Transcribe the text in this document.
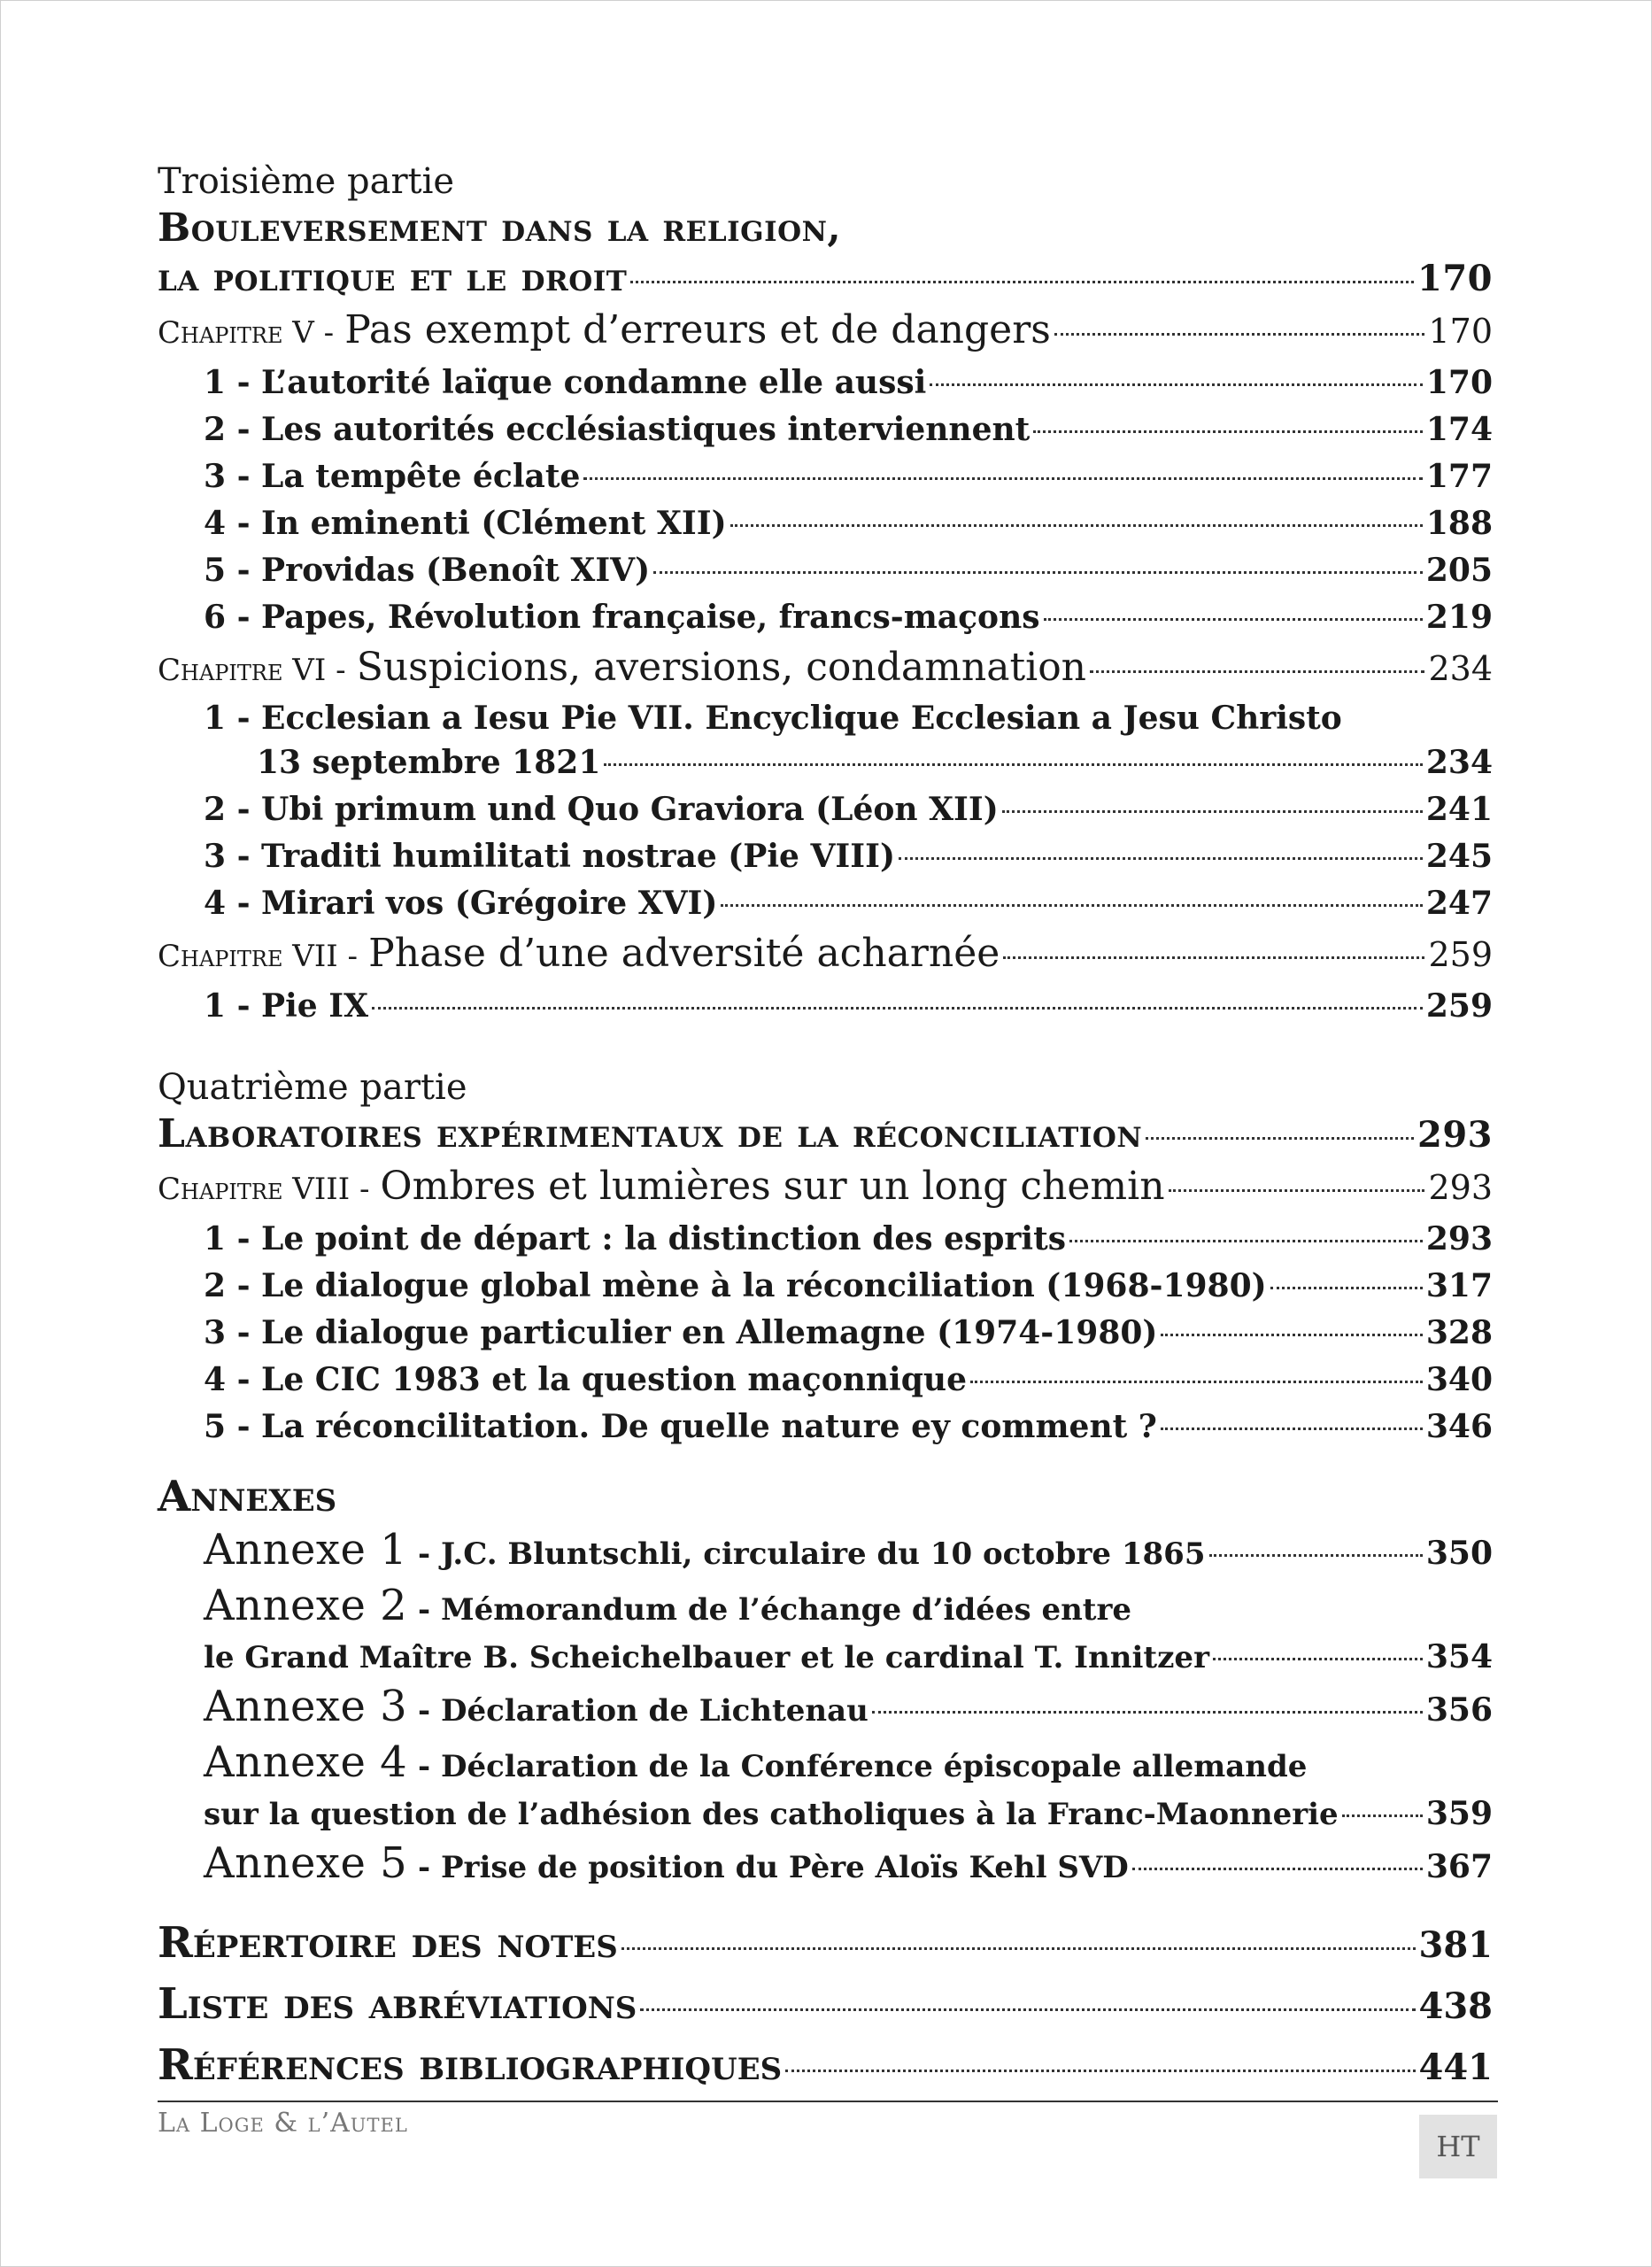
Troisième partie
Bouleversement dans la religion,
la politique et le droit	170
Chapitre V - Pas exempt d’erreurs et de dangers	170
1 - L’autorité laïque condamne elle aussi	170
2 - Les autorités ecclésiastiques interviennent	174
3 - La tempête éclate	177
4 - In eminenti (Clément XII)	188
5 - Providas (Benoît XIV)	205
6 - Papes, Révolution française, francs-maçons	219
Chapitre VI - Suspicions, aversions, condamnation	234
1 - Ecclesian a Iesu Pie VII. Encyclique Ecclesian a Jesu Christo
13 septembre 1821	234
2 - Ubi primum und Quo Graviora (Léon XII)	241
3 - Traditi humilitati nostrae (Pie VIII)	245
4 - Mirari vos (Grégoire XVI)	247
Chapitre VII - Phase d’une adversité acharnée	259
1 - Pie IX	259
Quatrième partie
Laboratoires expérimentaux de la réconciliation	293
Chapitre VIII - Ombres et lumières sur un long chemin	293
1 - Le point de départ : la distinction des esprits	293
2 - Le dialogue global mène à la réconciliation (1968-1980)	317
3 - Le dialogue particulier en Allemagne (1974-1980)	328
4 - Le CIC 1983 et la question maçonnique	340
5 - La réconcilitation. De quelle nature ey comment ?	346
Annexes
Annexe 1 - J.C. Bluntschli, circulaire du 10 octobre 1865	350
Annexe 2 - Mémorandum de l’échange d’idées entre
le Grand Maître B. Scheichelbauer et le cardinal T. Innitzer	354
Annexe 3 - Déclaration de Lichtenau	356
Annexe 4 - Déclaration de la Conférence épiscopale allemande
sur la question de l’adhésion des catholiques à la Franc-Maonnerie	359
Annexe 5 - Prise de position du Père Aloïs Kehl SVD	367
Répertoire des notes	381
Liste des abréviations	438
Références bibliographiques	441
La Loge & l’Autel
HT
